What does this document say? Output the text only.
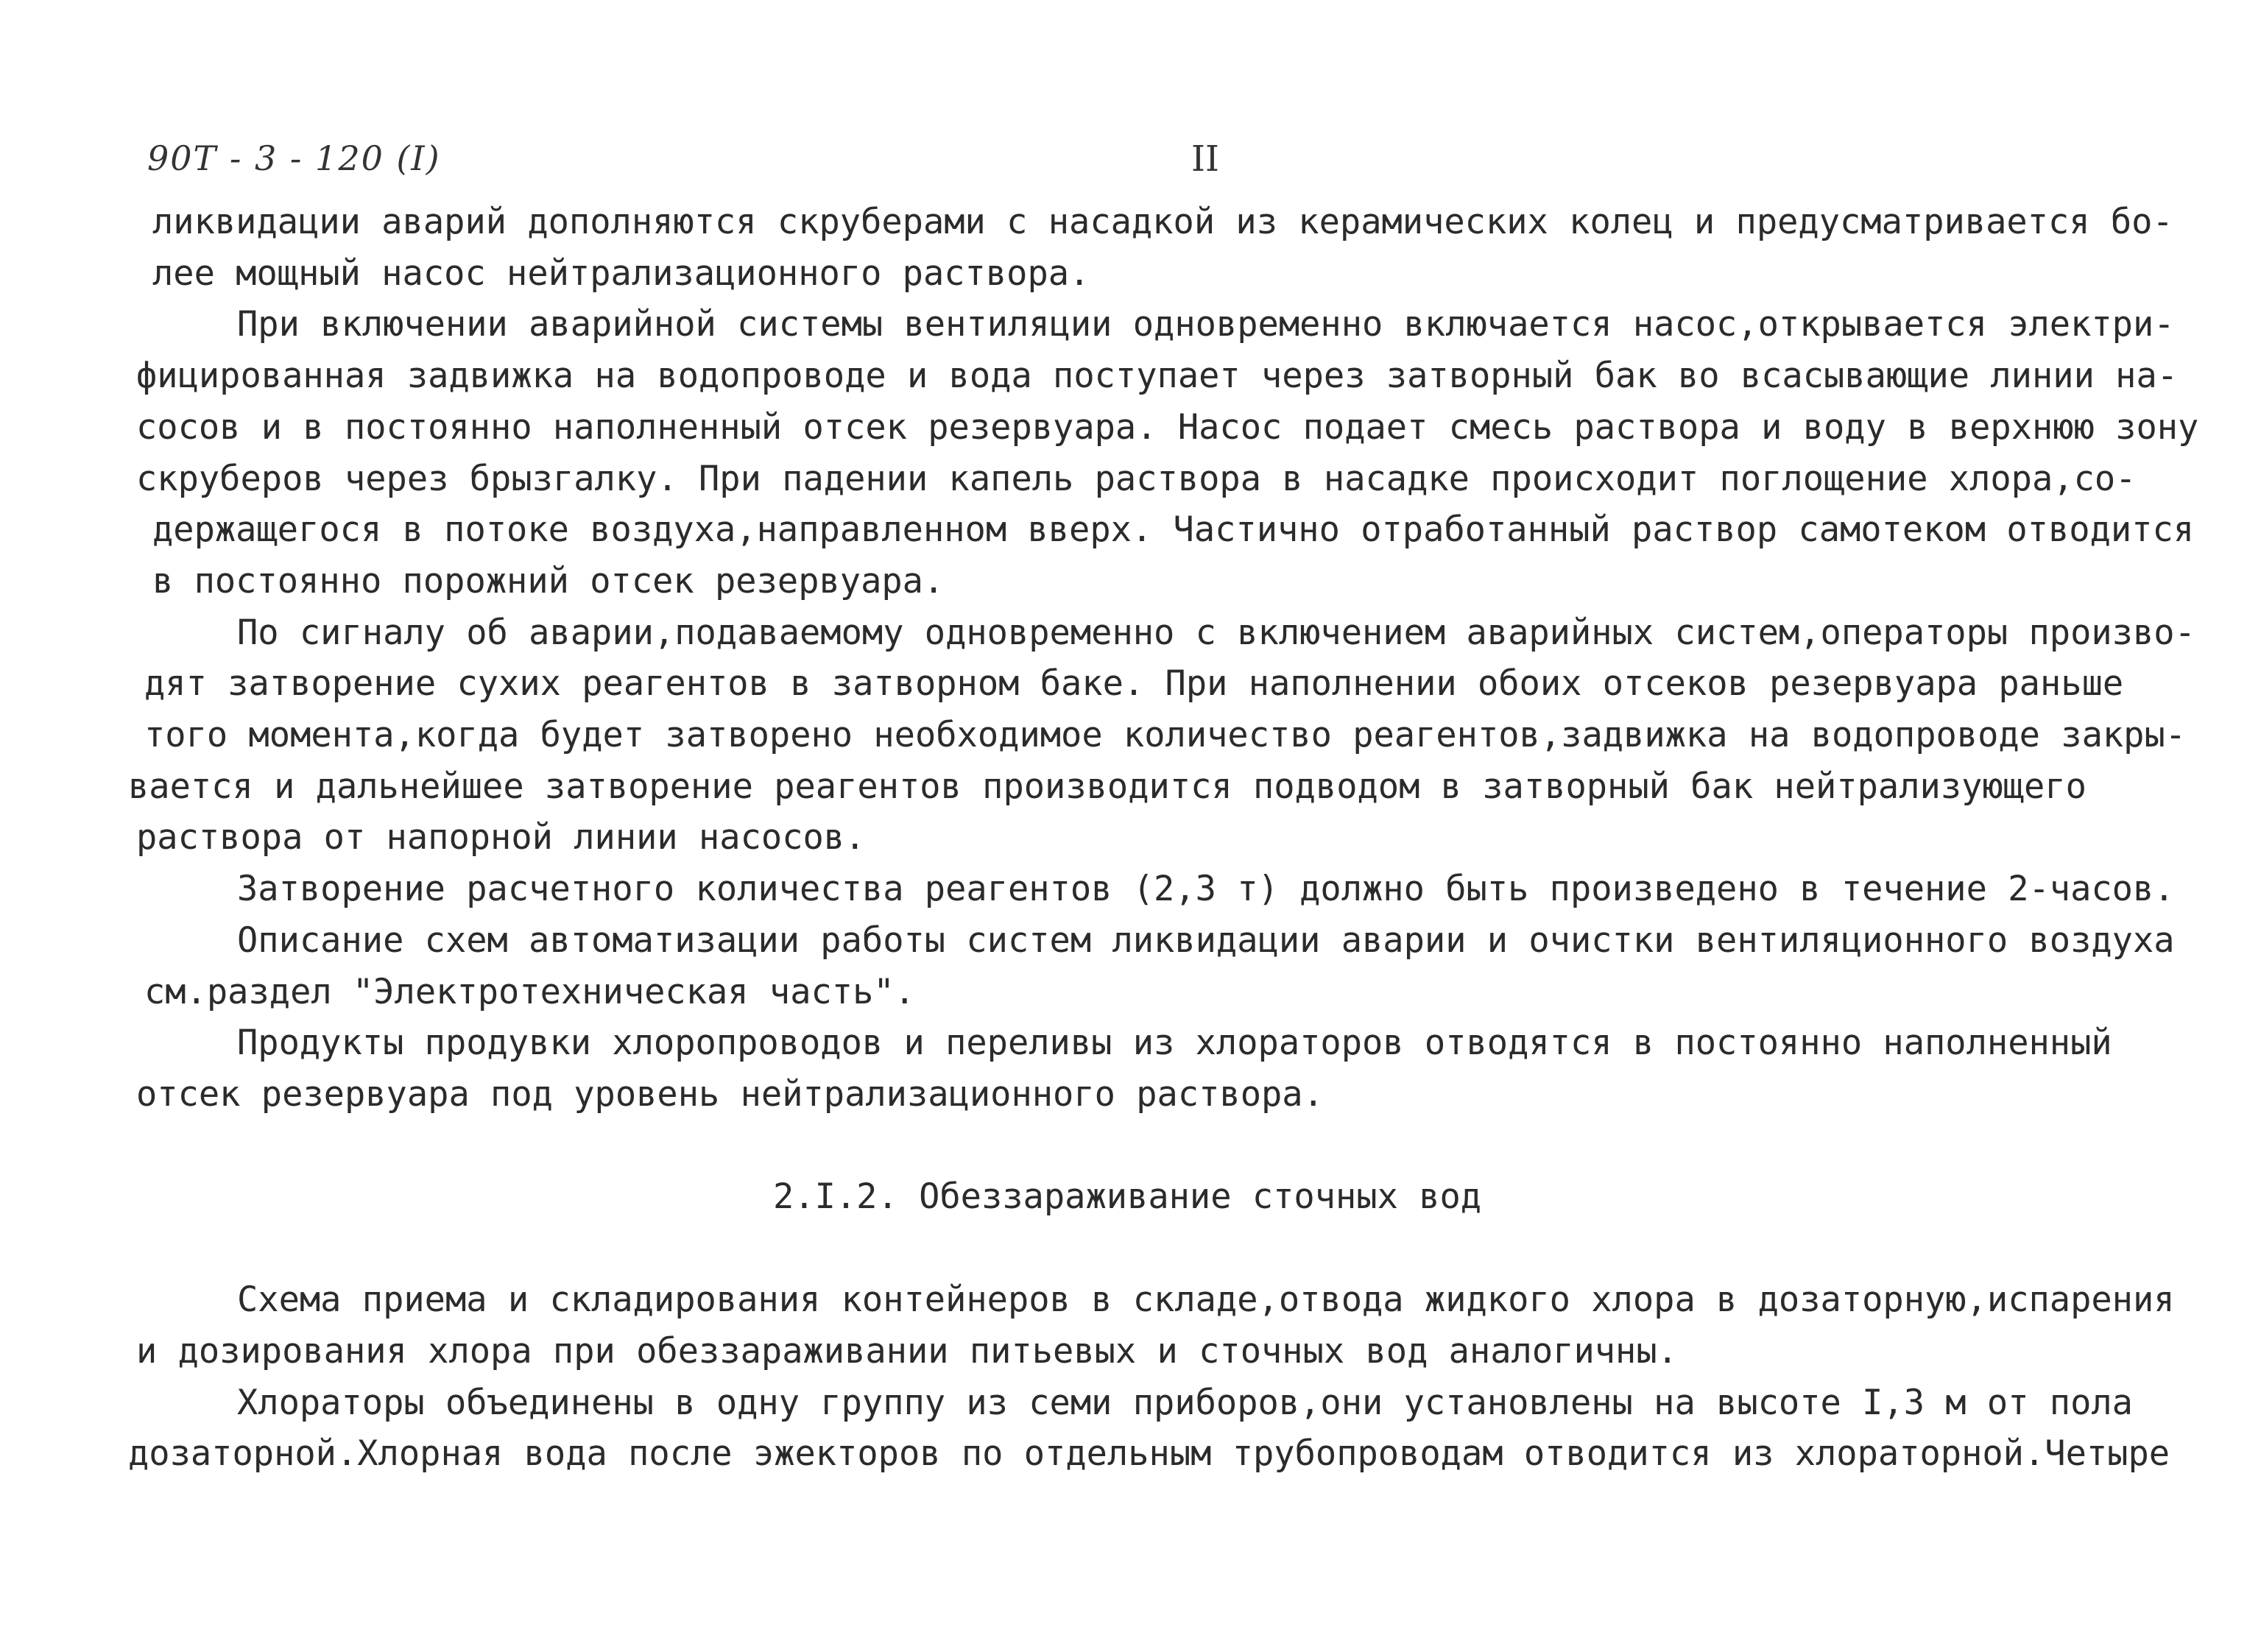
90Т - 3 - 120 (I)	II
ликвидации аварий дополняются скруберами с насадкой из керамических колец и предусматривается бо-
лее мощный насос нейтрализационного раствора.
При включении аварийной системы вентиляции одновременно включается насос,открывается электри-
фицированная задвижка на водопроводе и вода поступает через затворный бак во всасывающие линии на-
сосов и в постоянно наполненный отсек резервуара. Насос подает смесь раствора и воду в верхнюю зону
скруберов через брызгалку. При падении капель раствора в насадке происходит поглощение хлора,со-
держащегося в потоке воздуха,направленном вверх. Частично отработанный раствор самотеком отводится
в постоянно порожний отсек резервуара.
По сигналу об аварии,подаваемому одновременно с включением аварийных систем,операторы произво-
дят затворение сухих реагентов в затворном баке. При наполнении обоих отсеков резервуара раньше
того момента,когда будет затворено необходимое количество реагентов,задвижка на водопроводе закры-
вается и дальнейшее затворение реагентов производится подводом в затворный бак нейтрализующего
раствора от напорной линии насосов.
Затворение расчетного количества реагентов (2,3 т) должно быть произведено в течение 2-часов.
Описание схем автоматизации работы систем ликвидации аварии и очистки вентиляционного воздуха
см.раздел "Электротехническая часть".
Продукты продувки хлоропроводов и переливы из хлораторов отводятся в постоянно наполненный
отсек резервуара под уровень нейтрализационного раствора.
2.I.2. Обеззараживание сточных вод
Схема приема и складирования контейнеров в складе,отвода жидкого хлора в дозаторную,испарения
и дозирования хлора при обеззараживании питьевых и сточных вод аналогичны.
Хлораторы объединены в одну группу из семи приборов,они установлены на высоте I,3 м от пола
дозаторной.Хлорная вода после эжекторов по отдельным трубопроводам отводится из хлораторной.Четыре
